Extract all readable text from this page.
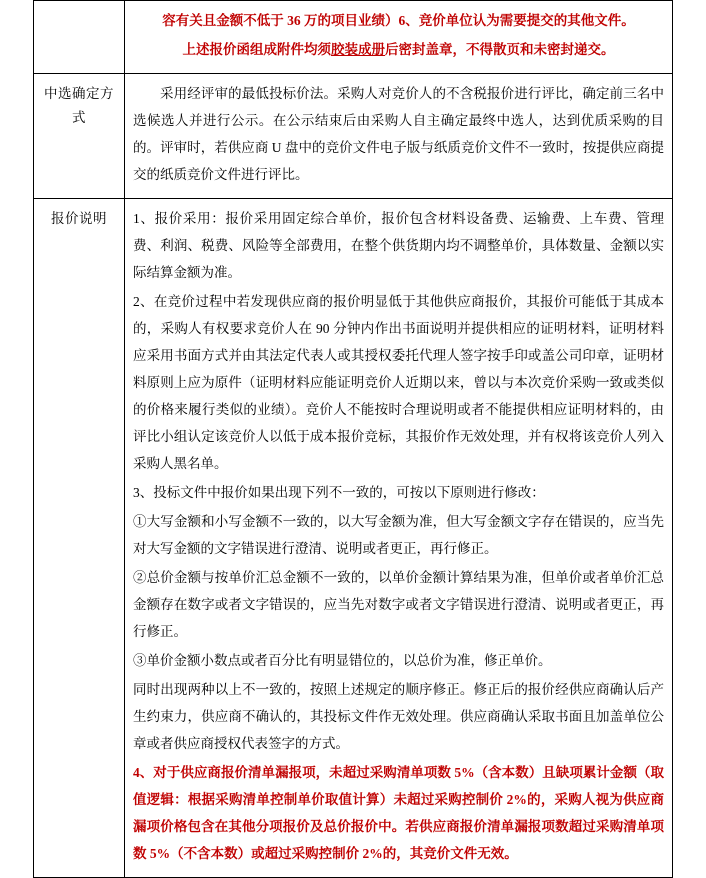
	容有关且金额不低于 36 万的项目业绩）6、竞价单位认为需要提交的其他文件。

上述报价函组成附件均须胶装成册后密封盖章，不得散页和未密封递交。

中选确定方式	采用经评审的最低投标价法。采购人对竞价人的不含税报价进行评比，确定前三名中选候选人并进行公示。在公示结束后由采购人自主确定最终中选人，达到优质采购的目的。评审时，若供应商 U 盘中的竞价文件电子版与纸质竞价文件不一致时，按提供应商提交的纸质竞价文件进行评比。

报价说明	1、报价采用：报价采用固定综合单价，报价包含材料设备费、运输费、上车费、管理费、利润、税费、风险等全部费用，在整个供货期内均不调整单价，具体数量、金额以实际结算金额为准。

2、在竞价过程中若发现供应商的报价明显低于其他供应商报价，其报价可能低于其成本的，采购人有权要求竞价人在 90 分钟内作出书面说明并提供相应的证明材料，证明材料应采用书面方式并由其法定代表人或其授权委托代理人签字按手印或盖公司印章，证明材料原则上应为原件（证明材料应能证明竞价人近期以来，曾以与本次竞价采购一致或类似的价格来履行类似的业绩）。竞价人不能按时合理说明或者不能提供相应证明材料的，由评比小组认定该竞价人以低于成本报价竞标，其报价作无效处理，并有权将该竞价人列入采购人黑名单。

3、投标文件中报价如果出现下列不一致的，可按以下原则进行修改：

①大写金额和小写金额不一致的，以大写金额为准，但大写金额文字存在错误的，应当先对大写金额的文字错误进行澄清、说明或者更正，再行修正。

②总价金额与按单价汇总金额不一致的，以单价金额计算结果为准，但单价或者单价汇总金额存在数字或者文字错误的，应当先对数字或者文字错误进行澄清、说明或者更正，再行修正。

③单价金额小数点或者百分比有明显错位的，以总价为准，修正单价。

同时出现两种以上不一致的，按照上述规定的顺序修正。修正后的报价经供应商确认后产生约束力，供应商不确认的，其投标文件作无效处理。供应商确认采取书面且加盖单位公章或者供应商授权代表签字的方式。

4、对于供应商报价清单漏报项，未超过采购清单项数 5%（含本数）且缺项累计金额（取值逻辑：根据采购清单控制单价取值计算）未超过采购控制价 2%的，采购人视为供应商漏项价格包含在其他分项报价及总价报价中。若供应商报价清单漏报项数超过采购清单项数 5%（不含本数）或超过采购控制价 2%的，其竞价文件无效。
